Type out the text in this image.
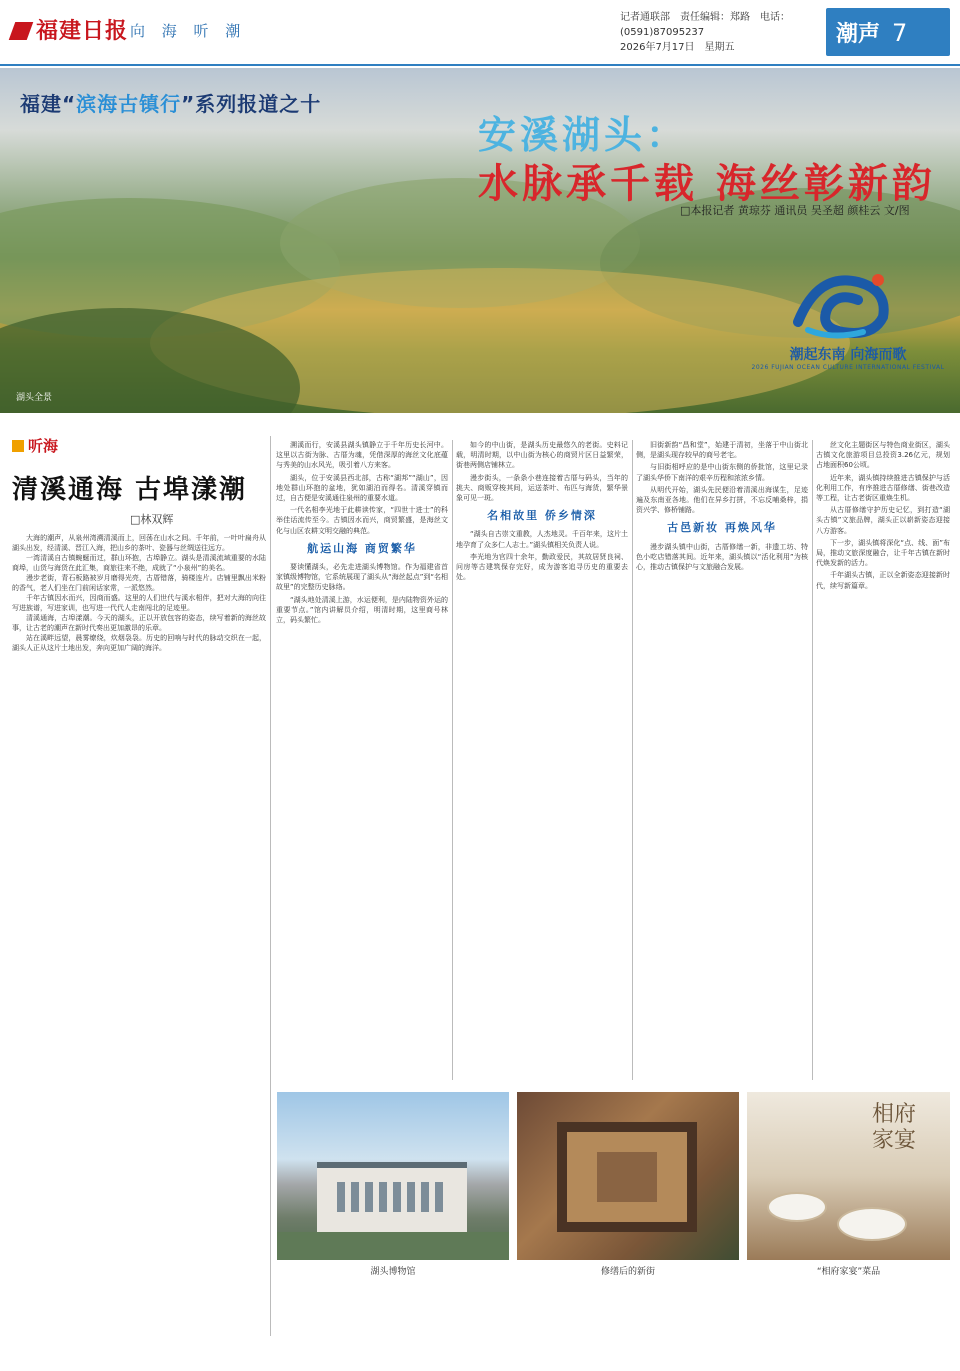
福建日报 向 海 听 潮
记者通联部　责任编辑：郑路　电话：(0591)87095237
2026年7月17日　星期五
潮声 7
福建“滨海古镇行”系列报道之十
安溪湖头：
水脉承千载 海丝彰新韵
□本报记者 黄琼芬 通讯员 吴圣超 颜桂云 文/图
湖头全景
潮起东南 向海而歌
2026 FUJIAN OCEAN CULTURE INTERNATIONAL FESTIVAL
听海
清溪通海 古埠漾潮
□林双辉

大海的潮声，从泉州湾溯清溪而上，回荡在山水之间。千年前，一叶叶扁舟从湖头出发，经清溪、晋江入海，把山乡的茶叶、瓷器与丝绸送往远方。

一湾清溪自古镇蜿蜒而过，群山环抱，古埠静立。湖头是清溪流域重要的水陆商埠，山货与海货在此汇集，商旅往来不绝，成就了“小泉州”的美名。

漫步老街，青石板路被岁月磨得光亮，古厝错落，骑楼连片。店铺里飘出米粉的香气，老人们坐在门前闲话家常，一派悠然。

千年古镇因水而兴，因商而盛。这里的人们世代与溪水相伴，把对大海的向往写进族谱，写进家训，也写进一代代人走南闯北的足迹里。

清溪通海，古埠漾潮。今天的湖头，正以开放包容的姿态，续写着新的海丝故事，让古老的潮声在新时代奏出更加激昂的乐章。

站在溪畔远望，晨雾缭绕，炊烟袅袅。历史的回响与时代的脉动交织在一起，湖头人正从这片土地出发，奔向更加广阔的海洋。

溯溪而行，安溪县湖头镇静立于千年历史长河中。这里以古街为脉、古厝为魂，凭借深厚的海丝文化底蕴与秀美的山水风光，吸引着八方来客。

湖头，位于安溪县西北部，古称“湖邦”“湖山”，因地处群山环抱的盆地，犹如湖泊而得名。清溪穿镇而过，自古便是安溪通往泉州的重要水道。

一代名相李光地于此耕读传家，“四世十进士”的科举佳话流传至今。古镇因水而兴，商贸繁盛，是海丝文化与山区农耕文明交融的典范。

航运山海 商贸繁华

要读懂湖头，必先走进湖头博物馆。作为福建省首家镇级博物馆，它系统展现了湖头从“海丝起点”到“名相故里”的完整历史脉络。

“湖头地处清溪上游，水运便利，是内陆物资外运的重要节点。”馆内讲解员介绍，明清时期，这里商号林立，码头繁忙。

如今的中山街，是湖头历史最悠久的老街。史料记载，明清时期，以中山街为核心的商贸片区日益繁荣，街巷两侧店铺林立。

漫步街头，一条条小巷连接着古厝与码头，当年的挑夫、商贩穿梭其间，运送茶叶、布匹与海货，繁华景象可见一斑。

名相故里 侨乡情深

“湖头自古崇文重教，人杰地灵。千百年来，这片土地孕育了众多仁人志士。”湖头镇相关负责人说。

李光地为官四十余年，勤政爱民，其故居贤良祠、问房等古建筑保存完好，成为游客追寻历史的重要去处。

旧街新韵“昌和堂”，始建于清初，坐落于中山街北侧，是湖头现存较早的商号老宅。

与旧街相呼应的是中山街东侧的侨批馆，这里记录了湖头华侨下南洋的艰辛历程和浓浓乡情。

从明代开始，湖头先民便沿着清溪出海谋生，足迹遍及东南亚各地。他们在异乡打拼，不忘反哺桑梓，捐资兴学、修桥铺路。

古邑新妆 再焕风华

漫步湖头镇中山街，古厝修缮一新，非遗工坊、特色小吃店错落其间。近年来，湖头镇以“活化利用”为核心，推动古镇保护与文旅融合发展。

丝文化主题街区与特色商业街区，湖头古镇文化旅游项目总投资3.26亿元，规划占地面积60公顷。

近年来，湖头镇持续推进古镇保护与活化利用工作，有序推进古厝修缮、街巷改造等工程，让古老街区重焕生机。

从古厝修缮守护历史记忆，到打造“湖头古镇”文旅品牌，湖头正以崭新姿态迎接八方游客。

下一步，湖头镇将深化“点、线、面”布局，推动文旅深度融合，让千年古镇在新时代焕发新的活力。

千年湖头古镇，正以全新姿态迎接新时代，续写新篇章。

相府家宴
湖头博物馆	修缮后的新街	“相府家宴”菜品
